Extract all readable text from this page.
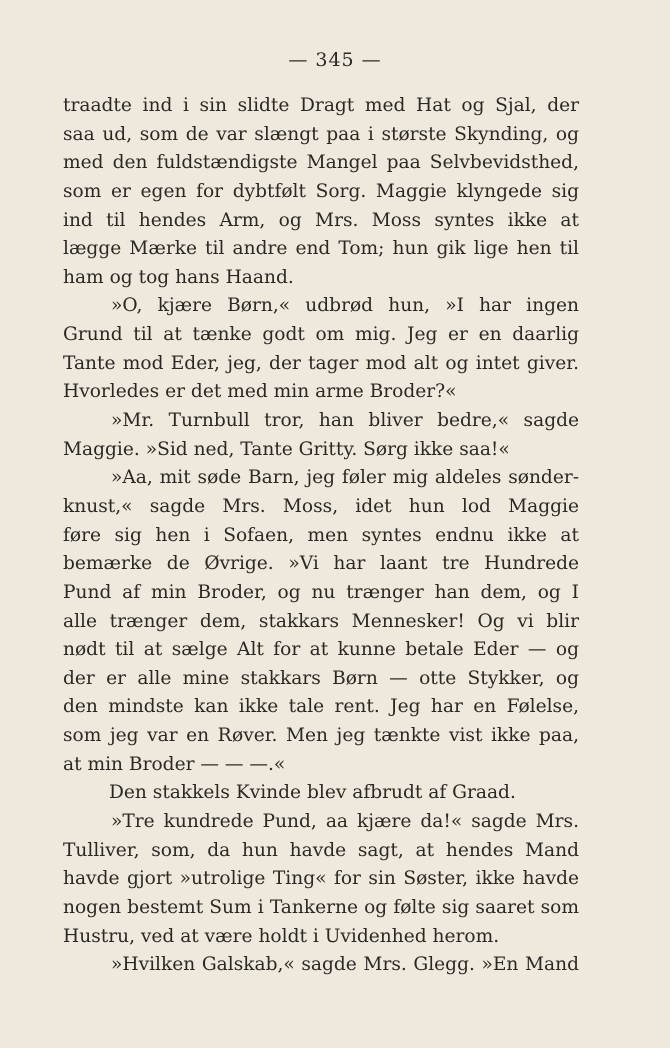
— 345 —
traadte ind i sin slidte Dragt med Hat og Sjal, der
saa ud, som de var slængt paa i største Skynding, og
med den fuldstændigste Mangel paa Selvbevidsthed,
som er egen for dybtfølt Sorg. Maggie klyngede sig
ind til hendes Arm, og Mrs. Moss syntes ikke at
lægge Mærke til andre end Tom; hun gik lige hen til
ham og tog hans Haand.
»O, kjære Børn,« udbrød hun, »I har ingen
Grund til at tænke godt om mig. Jeg er en daarlig
Tante mod Eder, jeg, der tager mod alt og intet giver.
Hvorledes er det med min arme Broder?«
»Mr. Turnbull tror, han bliver bedre,« sagde
Maggie. »Sid ned, Tante Gritty. Sørg ikke saa!«
»Aa, mit søde Barn, jeg føler mig aldeles sønder-
knust,« sagde Mrs. Moss, idet hun lod Maggie
føre sig hen i Sofaen, men syntes endnu ikke at
bemærke de Øvrige. »Vi har laant tre Hundrede
Pund af min Broder, og nu trænger han dem, og I
alle trænger dem, stakkars Mennesker! Og vi blir
nødt til at sælge Alt for at kunne betale Eder — og
der er alle mine stakkars Børn — otte Stykker, og
den mindste kan ikke tale rent. Jeg har en Følelse,
som jeg var en Røver. Men jeg tænkte vist ikke paa,
at min Broder — — —.«
Den stakkels Kvinde blev afbrudt af Graad.
»Tre kundrede Pund, aa kjære da!« sagde Mrs.
Tulliver, som, da hun havde sagt, at hendes Mand
havde gjort »utrolige Ting« for sin Søster, ikke havde
nogen bestemt Sum i Tankerne og følte sig saaret som
Hustru, ved at være holdt i Uvidenhed herom.
»Hvilken Galskab,« sagde Mrs. Glegg. »En Mand
